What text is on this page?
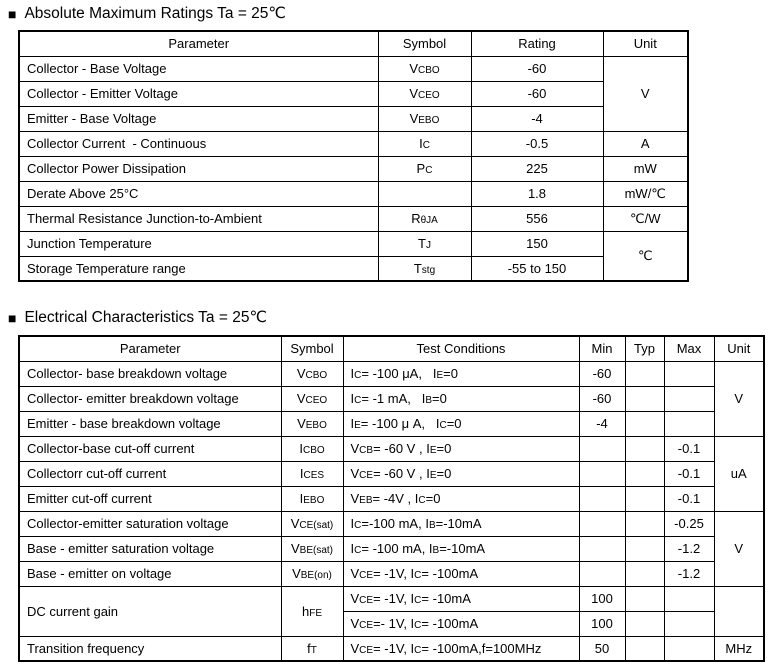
■ Absolute Maximum Ratings Ta = 25℃
Parameter	Symbol	Rating	Unit
Collector - Base Voltage	VCBO	-60	V
Collector - Emitter Voltage	VCEO	-60	
Emitter - Base Voltage	VEBO	-4	
Collector Current  - Continuous	IC	-0.5	A
Collector Power Dissipation	PC	225	mW
Derate Above 25°C		1.8	mW/℃
Thermal Resistance Junction-to-Ambient	RθJA	556	℃/W
Junction Temperature	TJ	150	℃
Storage Temperature range	Tstg	-55 to 150	
■ Electrical Characteristics Ta = 25℃
Parameter	Symbol	Test Conditions	Min	Typ	Max	Unit
Collector- base breakdown voltage	VCBO	IC= -100 μA,   IE=0	-60			V
Collector- emitter breakdown voltage	VCEO	IC= -1 mA,   IB=0	-60			
Emitter - base breakdown voltage	VEBO	IE= -100 μ A,   IC=0	-4			
Collector-base cut-off current	ICBO	VCB= -60 V , IE=0			-0.1	uA
Collectorr cut-off current	ICES	VCE= -60 V , IE=0			-0.1	
Emitter cut-off current	IEBO	VEB= -4V , IC=0			-0.1	
Collector-emitter saturation voltage	VCE(sat)	IC=-100 mA, IB=-10mA			-0.25	V
Base - emitter saturation voltage	VBE(sat)	IC= -100 mA, IB=-10mA			-1.2	
Base - emitter on voltage	VBE(on)	VCE= -1V, IC= -100mA			-1.2	
DC current gain	hFE	VCE= -1V, IC= -10mA	100			
		VCE=- 1V, IC= -100mA	100			
Transition frequency	fT	VCE= -1V, IC= -100mA,f=100MHz	50			MHz
